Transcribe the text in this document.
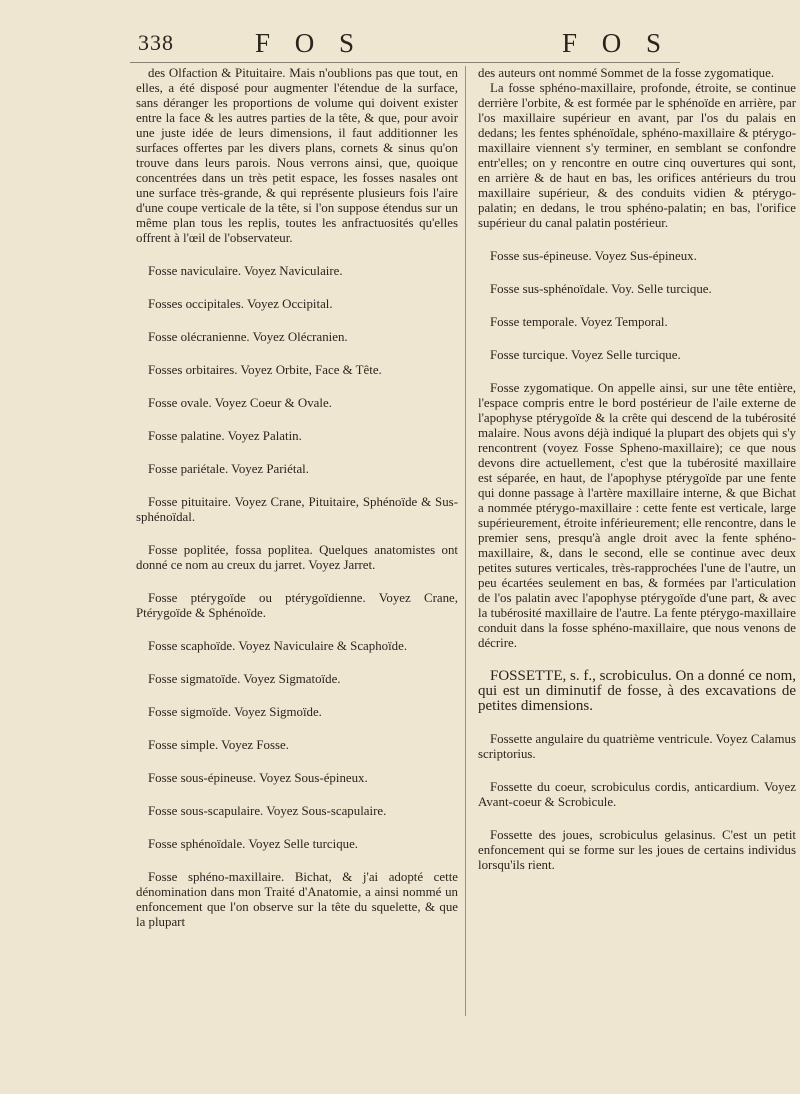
338	F O S	F O S

des Olfaction & Pituitaire. Mais n'oublions pas que tout, en elles, a été disposé pour augmenter l'étendue de la surface, sans déranger les proportions de volume qui doivent exister entre la face & les autres parties de la tête, & que, pour avoir une juste idée de leurs dimensions, il faut additionner les surfaces offertes par les divers plans, cornets & sinus qu'on trouve dans leurs parois. Nous verrons ainsi, que, quoique concentrées dans un très petit espace, les fosses nasales ont une surface très-grande, & qui représente plusieurs fois l'aire d'une coupe verticale de la tête, si l'on suppose étendus sur un même plan tous les replis, toutes les anfractuosités qu'elles offrent à l'œil de l'observateur.

Fosse naviculaire. Voyez Naviculaire.

Fosses occipitales. Voyez Occipital.

Fosse olécranienne. Voyez Olécranien.

Fosses orbitaires. Voyez Orbite, Face & Tête.

Fosse ovale. Voyez Coeur & Ovale.

Fosse palatine. Voyez Palatin.

Fosse pariétale. Voyez Pariétal.

Fosse pituitaire. Voyez Crane, Pituitaire, Sphénoïde & Sus-sphénoïdal.

Fosse poplitée, fossa poplitea. Quelques anatomistes ont donné ce nom au creux du jarret. Voyez Jarret.

Fosse ptérygoïde ou ptérygoïdienne. Voyez Crane, Ptérygoïde & Sphénoïde.

Fosse scaphoïde. Voyez Naviculaire & Scaphoïde.

Fosse sigmatoïde. Voyez Sigmatoïde.

Fosse sigmoïde. Voyez Sigmoïde.

Fosse simple. Voyez Fosse.

Fosse sous-épineuse. Voyez Sous-épineux.

Fosse sous-scapulaire. Voyez Sous-scapulaire.

Fosse sphénoïdale. Voyez Selle turcique.

Fosse sphéno-maxillaire. Bichat, & j'ai adopté cette dénomination dans mon Traité d'Anatomie, a ainsi nommé un enfoncement que l'on observe sur la tête du squelette, & que la plupart

des auteurs ont nommé Sommet de la fosse zygomatique.

La fosse sphéno-maxillaire, profonde, étroite, se continue derrière l'orbite, & est formée par le sphénoïde en arrière, par l'os maxillaire supérieur en avant, par l'os du palais en dedans; les fentes sphénoïdale, sphéno-maxillaire & ptérygo-maxillaire viennent s'y terminer, en semblant se confondre entr'elles; on y rencontre en outre cinq ouvertures qui sont, en arrière & de haut en bas, les orifices antérieurs du trou maxillaire supérieur, & des conduits vidien & ptérygo-palatin; en dedans, le trou sphéno-palatin; en bas, l'orifice supérieur du canal palatin postérieur.

Fosse sus-épineuse. Voyez Sus-épineux.

Fosse sus-sphénoïdale. Voy. Selle turcique.

Fosse temporale. Voyez Temporal.

Fosse turcique. Voyez Selle turcique.

Fosse zygomatique. On appelle ainsi, sur une tête entière, l'espace compris entre le bord postérieur de l'aile externe de l'apophyse ptérygoïde & la crête qui descend de la tubérosité malaire. Nous avons déjà indiqué la plupart des objets qui s'y rencontrent (voyez Fosse Spheno-maxillaire); ce que nous devons dire actuellement, c'est que la tubérosité maxillaire est séparée, en haut, de l'apophyse ptérygoïde par une fente qui donne passage à l'artère maxillaire interne, & que Bichat a nommée ptérygo-maxillaire : cette fente est verticale, large supérieurement, étroite inférieurement; elle rencontre, dans le premier sens, presqu'à angle droit avec la fente sphéno-maxillaire, &, dans le second, elle se continue avec deux petites sutures verticales, très-rapprochées l'une de l'autre, un peu écartées seulement en bas, & formées par l'articulation de l'os palatin avec l'apophyse ptérygoïde d'une part, & avec la tubérosité maxillaire de l'autre. La fente ptérygo-maxillaire conduit dans la fosse sphéno-maxillaire, que nous venons de décrire.

FOSSETTE, s. f., scrobiculus. On a donné ce nom, qui est un diminutif de fosse, à des excavations de petites dimensions.

Fossette angulaire du quatrième ventricule. Voyez Calamus scriptorius.

Fossette du coeur, scrobiculus cordis, anticardium. Voyez Avant-coeur & Scrobicule.

Fossette des joues, scrobiculus gelasinus. C'est un petit enfoncement qui se forme sur les joues de certains individus lorsqu'ils rient.
